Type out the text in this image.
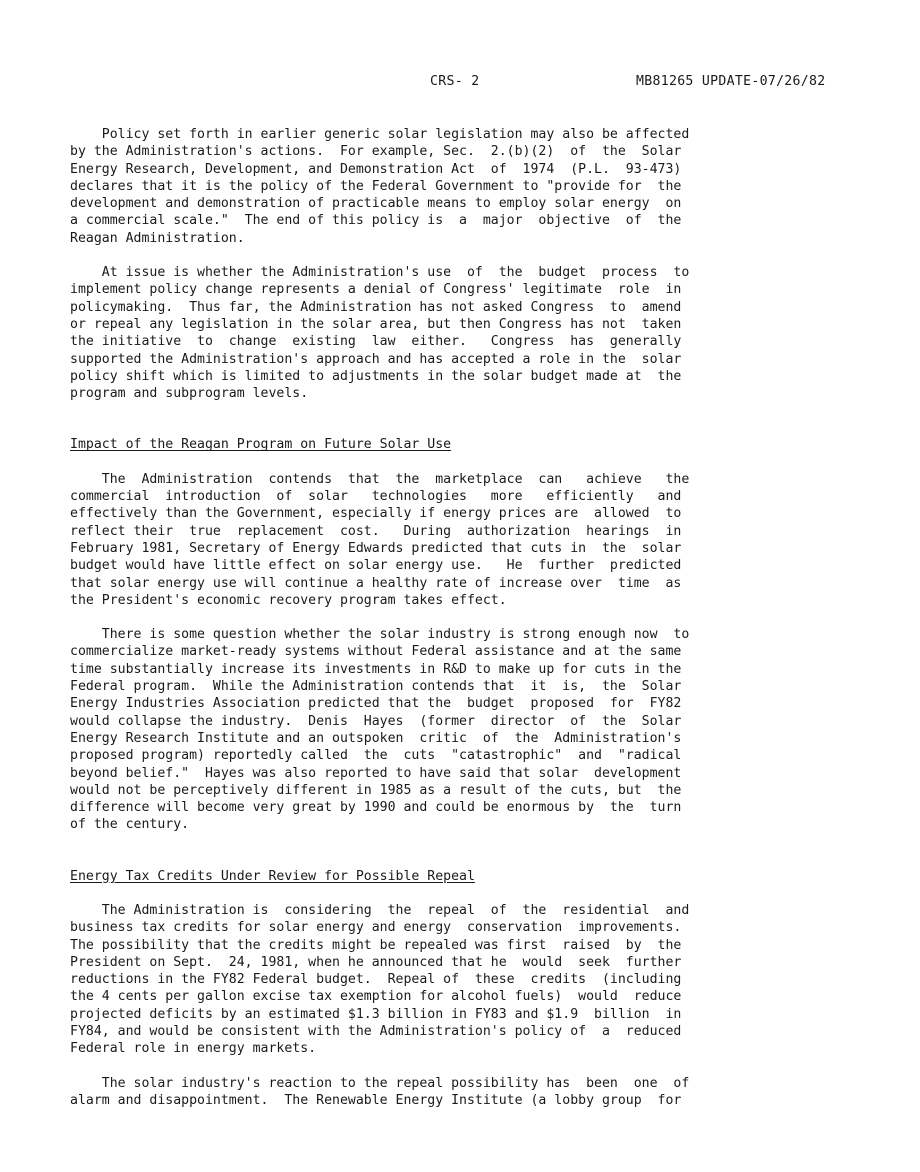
CRS- 2	MB81265 UPDATE-07/26/82
Policy set forth in earlier generic solar legislation may also be affected
by the Administration's actions.  For example, Sec.  2.(b)(2)  of  the  Solar
Energy Research, Development, and Demonstration Act  of  1974  (P.L.  93-473)
declares that it is the policy of the Federal Government to "provide for  the
development and demonstration of practicable means to employ solar energy  on
a commercial scale."  The end of this policy is  a  major  objective  of  the
Reagan Administration.
At issue is whether the Administration's use  of  the  budget  process  to
implement policy change represents a denial of Congress' legitimate  role  in
policymaking.  Thus far, the Administration has not asked Congress  to  amend
or repeal any legislation in the solar area, but then Congress has not  taken
the initiative  to  change  existing  law  either.   Congress  has  generally
supported the Administration's approach and has accepted a role in the  solar
policy shift which is limited to adjustments in the solar budget made at  the
program and subprogram levels.
Impact of the Reagan Program on Future Solar Use
The  Administration  contends  that  the  marketplace  can   achieve   the
commercial  introduction  of  solar   technologies   more   efficiently   and
effectively than the Government, especially if energy prices are  allowed  to
reflect their  true  replacement  cost.   During  authorization  hearings  in
February 1981, Secretary of Energy Edwards predicted that cuts in  the  solar
budget would have little effect on solar energy use.   He  further  predicted
that solar energy use will continue a healthy rate of increase over  time  as
the President's economic recovery program takes effect.
There is some question whether the solar industry is strong enough now  to
commercialize market-ready systems without Federal assistance and at the same
time substantially increase its investments in R&D to make up for cuts in the
Federal program.  While the Administration contends that  it  is,  the  Solar
Energy Industries Association predicted that the  budget  proposed  for  FY82
would collapse the industry.  Denis  Hayes  (former  director  of  the  Solar
Energy Research Institute and an outspoken  critic  of  the  Administration's
proposed program) reportedly called  the  cuts  "catastrophic"  and  "radical
beyond belief."  Hayes was also reported to have said that solar  development
would not be perceptively different in 1985 as a result of the cuts, but  the
difference will become very great by 1990 and could be enormous by  the  turn
of the century.
Energy Tax Credits Under Review for Possible Repeal
The Administration is  considering  the  repeal  of  the  residential  and
business tax credits for solar energy and energy  conservation  improvements.
The possibility that the credits might be repealed was first  raised  by  the
President on Sept.  24, 1981, when he announced that he  would  seek  further
reductions in the FY82 Federal budget.  Repeal of  these  credits  (including
the 4 cents per gallon excise tax exemption for alcohol fuels)  would  reduce
projected deficits by an estimated $1.3 billion in FY83 and $1.9  billion  in
FY84, and would be consistent with the Administration's policy of  a  reduced
Federal role in energy markets.
The solar industry's reaction to the repeal possibility has  been  one  of
alarm and disappointment.  The Renewable Energy Institute (a lobby group  for
